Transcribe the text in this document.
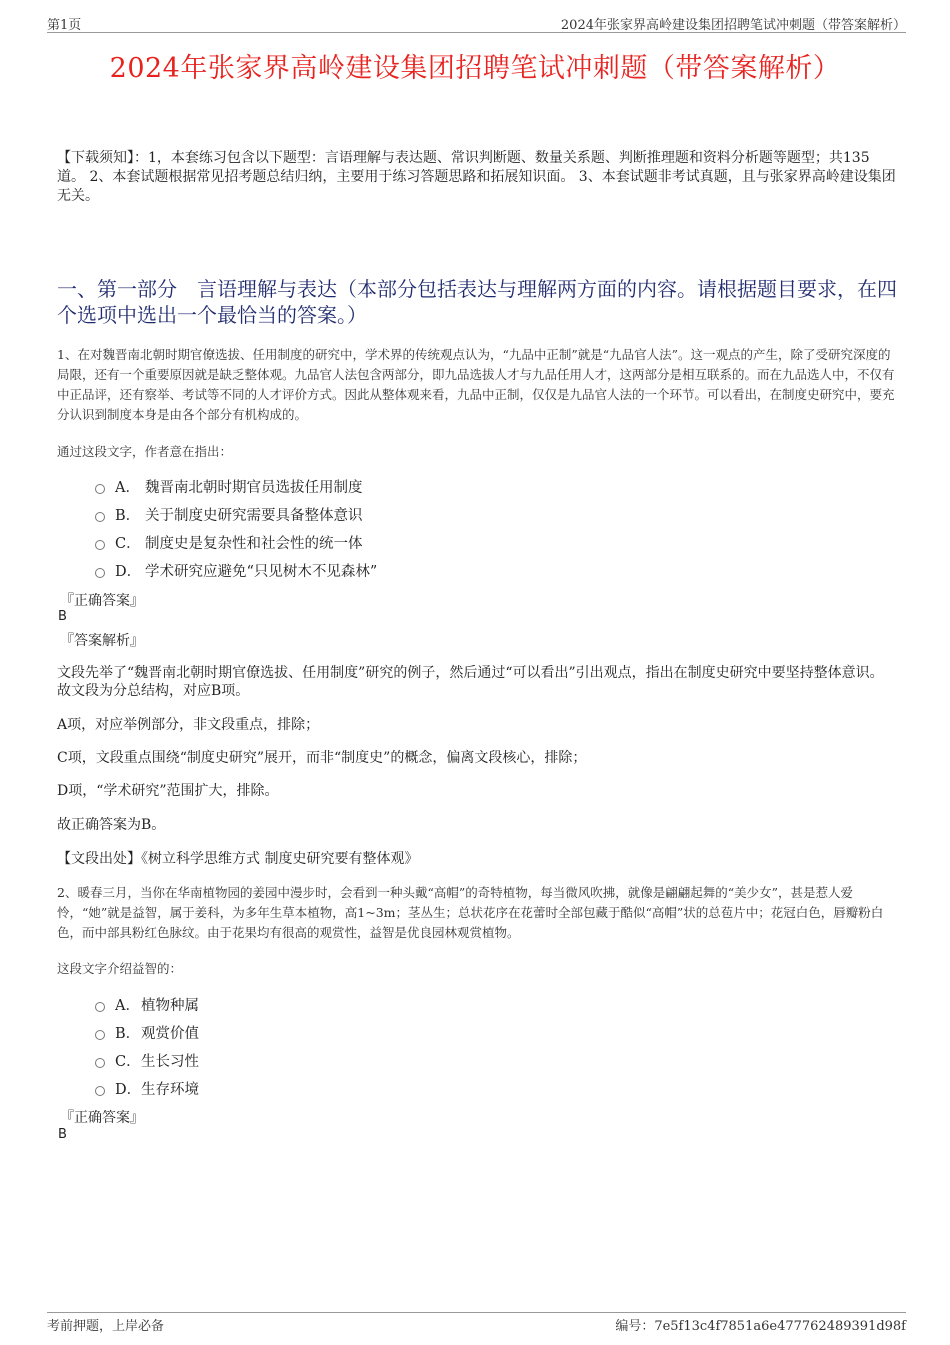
第1页	2024年张家界高岭建设集团招聘笔试冲刺题（带答案解析）
2024年张家界高岭建设集团招聘笔试冲刺题（带答案解析）

【下载须知】：1，本套练习包含以下题型：言语理解与表达题、常识判断题、数量关系题、判断推理题和资料分析题等题型；共135道。 2、本套试题根据常见招考题总结归纳，主要用于练习答题思路和拓展知识面。 3、本套试题非考试真题，且与张家界高岭建设集团无关。

一、第一部分　言语理解与表达（本部分包括表达与理解两方面的内容。请根据题目要求，在四个选项中选出一个最恰当的答案。）

1、在对魏晋南北朝时期官僚选拔、任用制度的研究中，学术界的传统观点认为，“九品中正制”就是“九品官人法”。这一观点的产生，除了受研究深度的局限，还有一个重要原因就是缺乏整体观。九品官人法包含两部分，即九品选拔人才与九品任用人才，这两部分是相互联系的。而在九品选人中，不仅有中正品评，还有察举、考试等不同的人才评价方式。因此从整体观来看，九品中正制，仅仅是九品官人法的一个环节。可以看出，在制度史研究中，要充分认识到制度本身是由各个部分有机构成的。

通过这段文字，作者意在指出：

A． 魏晋南北朝时期官员选拔任用制度
B． 关于制度史研究需要具备整体意识
C． 制度史是复杂性和社会性的统一体
D． 学术研究应避免“只见树木不见森林”

『正确答案』

B

『答案解析』

文段先举了“魏晋南北朝时期官僚选拔、任用制度”研究的例子，然后通过“可以看出”引出观点，指出在制度史研究中要坚持整体意识。故文段为分总结构，对应B项。

A项，对应举例部分，非文段重点，排除；

C项，文段重点围绕“制度史研究”展开，而非“制度史”的概念，偏离文段核心，排除；

D项，“学术研究”范围扩大，排除。

故正确答案为B。

【文段出处】《树立科学思维方式 制度史研究要有整体观》

2、暖春三月，当你在华南植物园的姜园中漫步时，会看到一种头戴“高帽”的奇特植物，每当微风吹拂，就像是翩翩起舞的“美少女”，甚是惹人爱怜，“她”就是益智，属于姜科，为多年生草本植物，高1~3m；茎丛生；总状花序在花蕾时全部包藏于酷似“高帽”状的总苞片中；花冠白色，唇瓣粉白色，而中部具粉红色脉纹。由于花果均有很高的观赏性，益智是优良园林观赏植物。

这段文字介绍益智的：

A． 植物种属
B． 观赏价值
C． 生长习性
D． 生存环境

『正确答案』

B

考前押题，上岸必备	编号：7e5f13c4f7851a6e477762489391d98f
